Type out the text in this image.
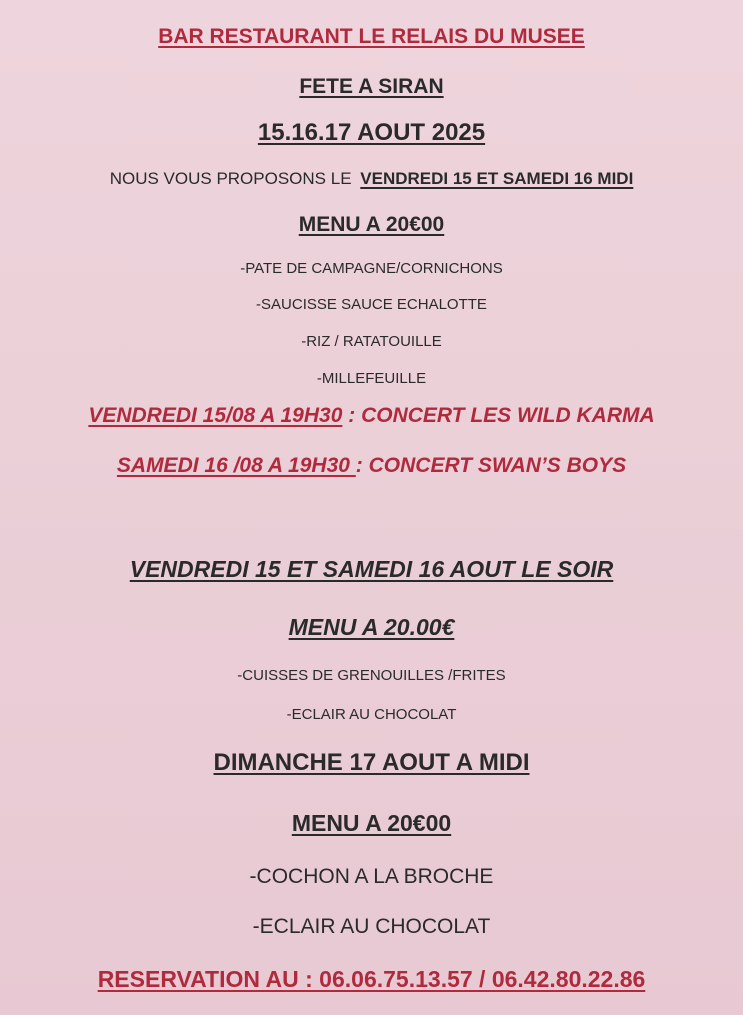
BAR RESTAURANT LE RELAIS DU MUSEE
FETE A SIRAN
15.16.17 AOUT 2025
NOUS VOUS PROPOSONS LE VENDREDI 15 ET SAMEDI 16 MIDI
MENU A 20€00
-PATE DE CAMPAGNE/CORNICHONS
-SAUCISSE SAUCE ECHALOTTE
-RIZ / RATATOUILLE
-MILLEFEUILLE
VENDREDI 15/08 A 19H30 : CONCERT LES WILD KARMA
SAMEDI 16 /08 A 19H30 : CONCERT SWAN’S BOYS
VENDREDI 15 ET SAMEDI 16 AOUT LE SOIR
MENU A 20.00€
-CUISSES DE GRENOUILLES /FRITES
-ECLAIR AU CHOCOLAT
DIMANCHE 17 AOUT A MIDI
MENU A 20€00
-COCHON A LA BROCHE
-ECLAIR AU CHOCOLAT
RESERVATION AU : 06.06.75.13.57 / 06.42.80.22.86
